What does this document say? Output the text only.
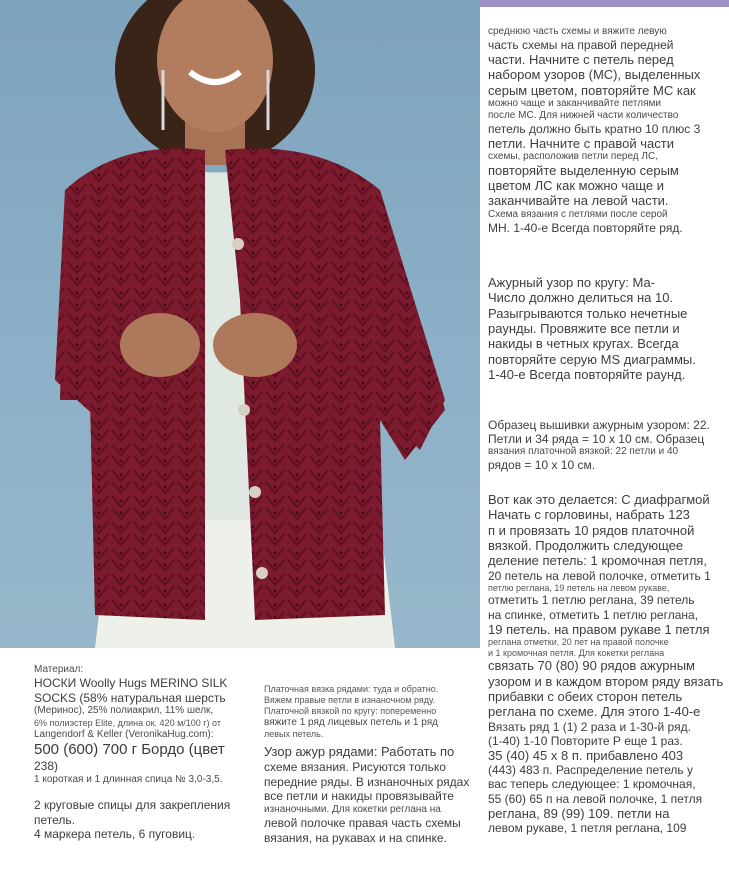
среднюю часть схемы и вяжите левую
часть схемы на правой передней
части. Начните с петель перед
набором узоров (МС), выделенных
серым цветом, повторяйте МС как
можно чаще и заканчивайте петлями
после МС. Для нижней части количество
петель должно быть кратно 10 плюс 3
петли. Начните с правой части
схемы, расположив петли перед ЛС,
повторяйте выделенную серым
цветом ЛС как можно чаще и
заканчивайте на левой части.
Схема вязания с петлями после серой
МН. 1-40-е Всегда повторяйте ряд.
Ажурный узор по кругу: Ма-
Число должно делиться на 10.
Разыгрываются только нечетные
раунды. Провяжите все петли и
накиды в четных кругах. Всегда
повторяйте серую MS диаграммы.
1-40-е Всегда повторяйте раунд.
Образец вышивки ажурным узором: 22.
Петли и 34 ряда = 10 х 10 см. Образец
вязания платочной вязкой: 22 петли и 40
рядов = 10 х 10 см.
Вот как это делается: С диафрагмой
Начать с горловины, набрать 123
п и провязать 10 рядов платочной
вязкой. Продолжить следующее
деление петель: 1 кромочная петля,
20 петель на левой полочке, отметить 1
петлю реглана, 19 петель на левом рукаве,
отметить 1 петлю реглана, 39 петель
на спинке, отметить 1 петлю реглана,
19 петель. на правом рукаве 1 петля
реглана отметки, 20 пет на правой полочке
и 1 кромочная петля. Для кокетки реглана
связать 70 (80) 90 рядов ажурным
узором и в каждом втором ряду вязать
прибавки с обеих сторон петель
реглана по схеме. Для этого 1-40-е
Вязать ряд 1 (1) 2 раза и 1-30-й ряд.
(1-40) 1-10 Повторите Р еще 1 раз.
35 (40) 45 х 8 п. прибавлено 403
(443) 483 п. Распределение петель у
вас теперь следующее: 1 кромочная,
55 (60) 65 п на левой полочке, 1 петля
реглана, 89 (99) 109. петли на
левом рукаве, 1 петля реглана, 109
Материал:
НОСКИ Woolly Hugs MERINO SILK
SOCKS (58% натуральная шерсть
(Меринос), 25% полиакрил, 11% шелк,
6% полиэстер Elite, длина ок. 420 м/100 г) от
Langendorf & Keller (VeronikaHug.com):
500 (600) 700 г Бордо (цвет
238)
1 короткая и 1 длинная спица № 3,0-3,5.
2 круговые спицы для закрепления
петель.
4 маркера петель, 6 пуговиц.
Платочная вязка рядами: туда и обратно.
Вяжем правые петли в изнаночном ряду.
Платочной вязкой по кругу: попеременно
вяжите 1 ряд лицевых петель и 1 ряд
левых петель.
Узор ажур рядами: Работать по
схеме вязания. Рисуются только
передние ряды. В изнаночных рядах
все петли и накиды провязывайте
изнаночными. Для кокетки реглана на
левой полочке правая часть схемы
вязания, на рукавах и на спинке.
